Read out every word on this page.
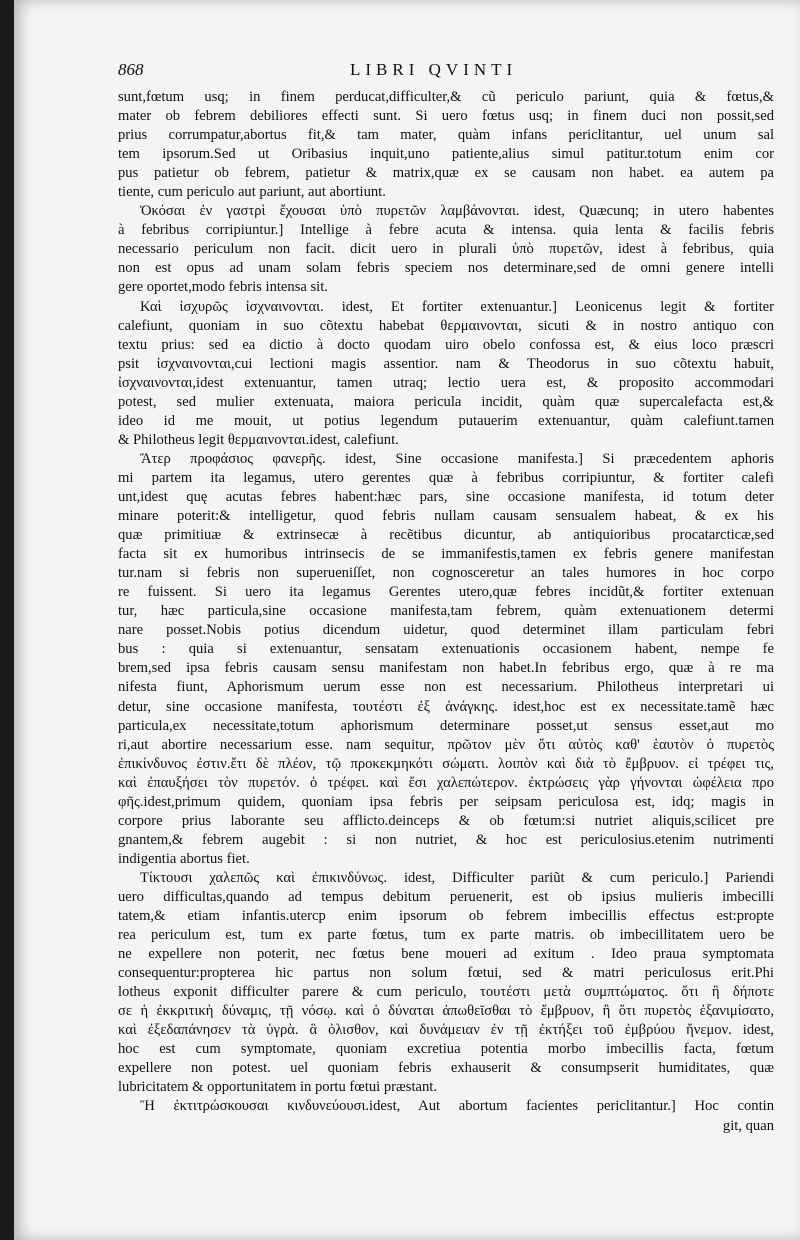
868	LIBRI QVINTI
sunt,fœtum usq; in finem perducat,difficulter,& cũ periculo pariunt, quia & fœtus,&
mater ob febrem debiliores effecti sunt. Si uero fœtus usq; in finem duci non possit,sed
prius corrumpatur,abortus fit,& tam mater, quàm infans periclitantur, uel unum sal
tem ipsorum.Sed ut Oribasius inquit,uno patiente,alius simul patitur.totum enim cor
pus patietur ob febrem, patietur & matrix,quæ ex se causam non habet. ea autem pa
tiente, cum periculo aut pariunt, aut abortiunt.
Ὁκόσαι ἐν γαστρὶ ἔχουσαι ὑπὸ πυρετῶν λαμβάνονται. idest, Quæcunq; in utero habentes
à febribus corripiuntur.] Intellige à febre acuta & intensa. quia lenta & facilis febris
necessario periculum non facit. dicit uero in plurali ὑπὸ πυρετῶν, idest à febribus, quia
non est opus ad unam solam febris speciem nos determinare,sed de omni genere intelli
gere oportet,modo febris intensa sit.
Καὶ ἰσχυρῶς ἰσχναινονται. idest, Et fortiter extenuantur.] Leonicenus legit & fortiter
calefiunt, quoniam in suo cõtextu habebat θερμαινονται, sicuti & in nostro antiquo con
textu prius: sed ea dictio à docto quodam uiro obelo confossa est, & eius loco præscri
psit ἰσχναινονται,cui lectioni magis assentior. nam & Theodorus in suo cõtextu habuit,
ἰσχναινονται,idest extenuantur, tamen utraq; lectio uera est, & proposito accommodari
potest, sed mulier extenuata, maiora pericula incidit, quàm quæ supercalefacta est,&
ideo id me mouit, ut potius legendum putauerim extenuantur, quàm calefiunt.tamen
& Philotheus legit θερμαινονται.idest, calefiunt.
Ἄτερ προφάσιος φανερῆς. idest, Sine occasione manifesta.] Si præcedentem aphoris
mi partem ita legamus, utero gerentes quæ à febribus corripiuntur, & fortiter calefi
unt,idest quę acutas febres habent:hæc pars, sine occasione manifesta, id totum deter
minare poterit:& intelligetur, quod febris nullam causam sensualem habeat, & ex his
quæ primitiuæ & extrinsecæ à recẽtibus dicuntur, ab antiquioribus procatarcticæ,sed
facta sit ex humoribus intrinsecis de se immanifestis,tamen ex febris genere manifestan
tur.nam si febris non superueniſſet, non cognosceretur an tales humores in hoc corpo
re fuissent. Si uero ita legamus Gerentes utero,quæ febres incidũt,& fortiter extenuan
tur, hæc particula,sine occasione manifesta,tam febrem, quàm extenuationem determi
nare posset.Nobis potius dicendum uidetur, quod determinet illam particulam febri
bus : quia si extenuantur, sensatam extenuationis occasionem habent, nempe fe
brem,sed ipsa febris causam sensu manifestam non habet.In febribus ergo, quæ à re ma
nifesta fiunt, Aphorismum uerum esse non est necessarium. Philotheus interpretari ui
detur, sine occasione manifesta, τουτέστι ἐξ ἀνάγκης. idest,hoc est ex necessitate.tamẽ hæc
particula,ex necessitate,totum aphorismum determinare posset,ut sensus esset,aut mo
ri,aut abortire necessarium esse. nam sequitur, πρῶτον μὲν ὅτι αὐτὸς καθ' ἑαυτὸν ὁ πυρετὸς
ἐπικίνδυνος ἐστιν.ἔτι δὲ πλέον, τῷ προκεκμηκότι σώματι. λοιπὸν καὶ διὰ τὸ ἔμβρυον. εἰ τρέφει τις,
καὶ ἐπαυξήσει τὸν πυρετόν. ὁ τρέφει. καὶ ἔσι χαλεπώτερον. ἐκτρώσεις γὰρ γήνονται ὡφέλεια προ
φῆς.idest,primum quidem, quoniam ipsa febris per seipsam periculosa est, idq; magis in
corpore prius laborante seu afflicto.deinceps & ob fœtum:si nutriet aliquis,scilicet pre
gnantem,& febrem augebit : si non nutriet, & hoc est periculosius.etenim nutrimenti
indigentia abortus fiet.
Τίκτουσι χαλεπῶς καὶ ἐπικινδύνως. idest, Difficulter pariũt & cum periculo.] Pariendi
uero difficultas,quando ad tempus debitum peruenerit, est ob ipsius mulieris imbecilli
tatem,& etiam infantis.utercp enim ipsorum ob febrem imbecillis effectus est:propte
rea periculum est, tum ex parte fœtus, tum ex parte matris. ob imbecillitatem uero be
ne expellere non poterit, nec fœtus bene moueri ad exitum . Ideo praua symptomata
consequentur:propterea hic partus non solum fœtui, sed & matri periculosus erit.Phi
lotheus exponit difficulter parere & cum periculo, τουτέστι μετὰ συμπτώματος. ὅτι ἢ δήποτε
σε ἡ ἐκκριτικὴ δύναμις, τῇ νόσῳ. καὶ ὁ δύναται ἀπωθεῖσθαι τὸ ἔμβρυον, ἢ ὅτι πυρετὸς ἐξανιμίσατο,
καὶ ἐξεδαπάνησεν τὰ ὑγρὰ. ἃ ὀλισθον, καὶ δυνάμειαν ἐν τῇ ἐκτήξει τοῦ ἐμβρύου ἤνεμον. idest,
hoc est cum symptomate, quoniam excretiua potentia morbo imbecillis facta, fœtum
expellere non potest. uel quoniam febris exhauserit & consumpserit humiditates, quæ
lubricitatem & opportunitatem in portu fœtui præstant.
Ἢ ἐκτιτρώσκουσαι κινδυνεύουσι.idest, Aut abortum facientes periclitantur.] Hoc contin
git, quan
